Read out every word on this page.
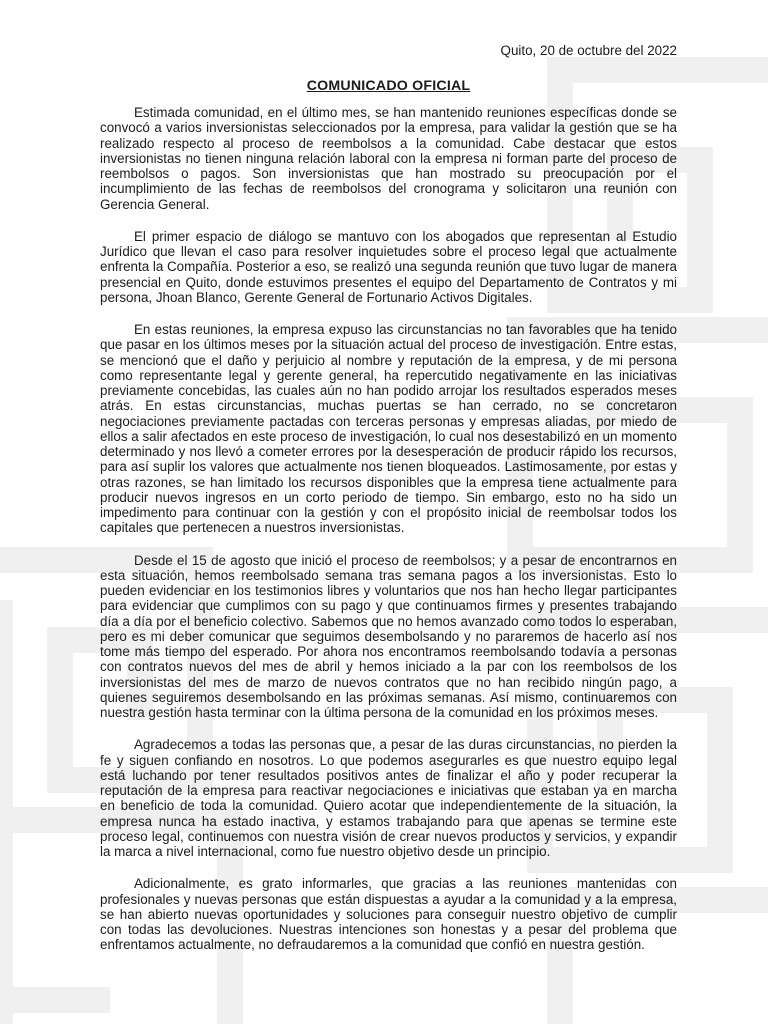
Quito, 20 de octubre del 2022
COMUNICADO OFICIAL

Estimada comunidad, en el último mes, se han mantenido reuniones específicas donde se convocó a varios inversionistas seleccionados por la empresa, para validar la gestión que se ha realizado respecto al proceso de reembolsos a la comunidad. Cabe destacar que estos inversionistas no tienen ninguna relación laboral con la empresa ni forman parte del proceso de reembolsos o pagos. Son inversionistas que han mostrado su preocupación por el incumplimiento de las fechas de reembolsos del cronograma y solicitaron una reunión con Gerencia General.

El primer espacio de diálogo se mantuvo con los abogados que representan al Estudio Jurídico que llevan el caso para resolver inquietudes sobre el proceso legal que actualmente enfrenta la Compañía. Posterior a eso, se realizó una segunda reunión que tuvo lugar de manera presencial en Quito, donde estuvimos presentes el equipo del Departamento de Contratos y mi persona, Jhoan Blanco, Gerente General de Fortunario Activos Digitales.

En estas reuniones, la empresa expuso las circunstancias no tan favorables que ha tenido que pasar en los últimos meses por la situación actual del proceso de investigación. Entre estas, se mencionó que el daño y perjuicio al nombre y reputación de la empresa, y de mi persona como representante legal y gerente general, ha repercutido negativamente en las iniciativas previamente concebidas, las cuales aún no han podido arrojar los resultados esperados meses atrás. En estas circunstancias, muchas puertas se han cerrado, no se concretaron negociaciones previamente pactadas con terceras personas y empresas aliadas, por miedo de ellos a salir afectados en este proceso de investigación, lo cual nos desestabilizó en un momento determinado y nos llevó a cometer errores por la desesperación de producir rápido los recursos, para así suplir los valores que actualmente nos tienen bloqueados. Lastimosamente, por estas y otras razones, se han limitado los recursos disponibles que la empresa tiene actualmente para producir nuevos ingresos en un corto periodo de tiempo. Sin embargo, esto no ha sido un impedimento para continuar con la gestión y con el propósito inicial de reembolsar todos los capitales que pertenecen a nuestros inversionistas.

Desde el 15 de agosto que inició el proceso de reembolsos; y a pesar de encontrarnos en esta situación, hemos reembolsado semana tras semana pagos a los inversionistas. Esto lo pueden evidenciar en los testimonios libres y voluntarios que nos han hecho llegar participantes para evidenciar que cumplimos con su pago y que continuamos firmes y presentes trabajando día a día por el beneficio colectivo. Sabemos que no hemos avanzado como todos lo esperaban, pero es mi deber comunicar que seguimos desembolsando y no pararemos de hacerlo así nos tome más tiempo del esperado. Por ahora nos encontramos reembolsando todavía a personas con contratos nuevos del mes de abril y hemos iniciado a la par con los reembolsos de los inversionistas del mes de marzo de nuevos contratos que no han recibido ningún pago, a quienes seguiremos desembolsando en las próximas semanas. Así mismo, continuaremos con nuestra gestión hasta terminar con la última persona de la comunidad en los próximos meses.

Agradecemos a todas las personas que, a pesar de las duras circunstancias, no pierden la fe y siguen confiando en nosotros. Lo que podemos asegurarles es que nuestro equipo legal está luchando por tener resultados positivos antes de finalizar el año y poder recuperar la reputación de la empresa para reactivar negociaciones e iniciativas que estaban ya en marcha en beneficio de toda la comunidad. Quiero acotar que independientemente de la situación, la empresa nunca ha estado inactiva, y estamos trabajando para que apenas se termine este proceso legal, continuemos con nuestra visión de crear nuevos productos y servicios, y expandir la marca a nivel internacional, como fue nuestro objetivo desde un principio.

Adicionalmente, es grato informarles, que gracias a las reuniones mantenidas con profesionales y nuevas personas que están dispuestas a ayudar a la comunidad y a la empresa, se han abierto nuevas oportunidades y soluciones para conseguir nuestro objetivo de cumplir con todas las devoluciones. Nuestras intenciones son honestas y a pesar del problema que enfrentamos actualmente, no defraudaremos a la comunidad que confió en nuestra gestión.
